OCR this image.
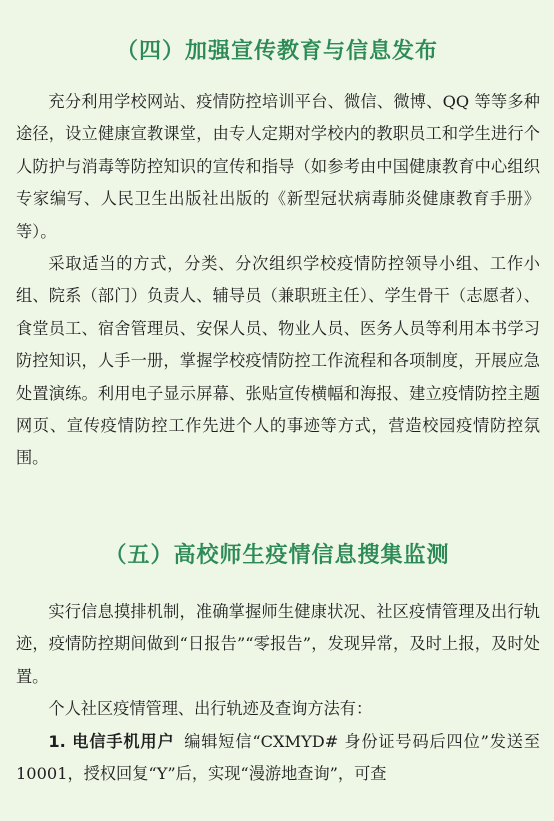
（四）加强宣传教育与信息发布

充分利用学校网站、疫情防控培训平台、微信、微博、QQ 等等多种途径，设立健康宣教课堂，由专人定期对学校内的教职员工和学生进行个人防护与消毒等防控知识的宣传和指导（如参考由中国健康教育中心组织专家编写、人民卫生出版社出版的《新型冠状病毒肺炎健康教育手册》等）。

采取适当的方式，分类、分次组织学校疫情防控领导小组、工作小组、院系（部门）负责人、辅导员（兼职班主任）、学生骨干（志愿者）、食堂员工、宿舍管理员、安保人员、物业人员、医务人员等利用本书学习防控知识，人手一册，掌握学校疫情防控工作流程和各项制度，开展应急处置演练。利用电子显示屏幕、张贴宣传横幅和海报、建立疫情防控主题网页、宣传疫情防控工作先进个人的事迹等方式，营造校园疫情防控氛围。

（五）高校师生疫情信息搜集监测

实行信息摸排机制，准确掌握师生健康状况、社区疫情管理及出行轨迹，疫情防控期间做到“日报告”“零报告”，发现异常，及时上报，及时处置。

个人社区疫情管理、出行轨迹及查询方法有：

1. 电信手机用户 编辑短信“CXMYD# 身份证号码后四位”发送至 10001，授权回复“Y”后，实现“漫游地查询”，可查
